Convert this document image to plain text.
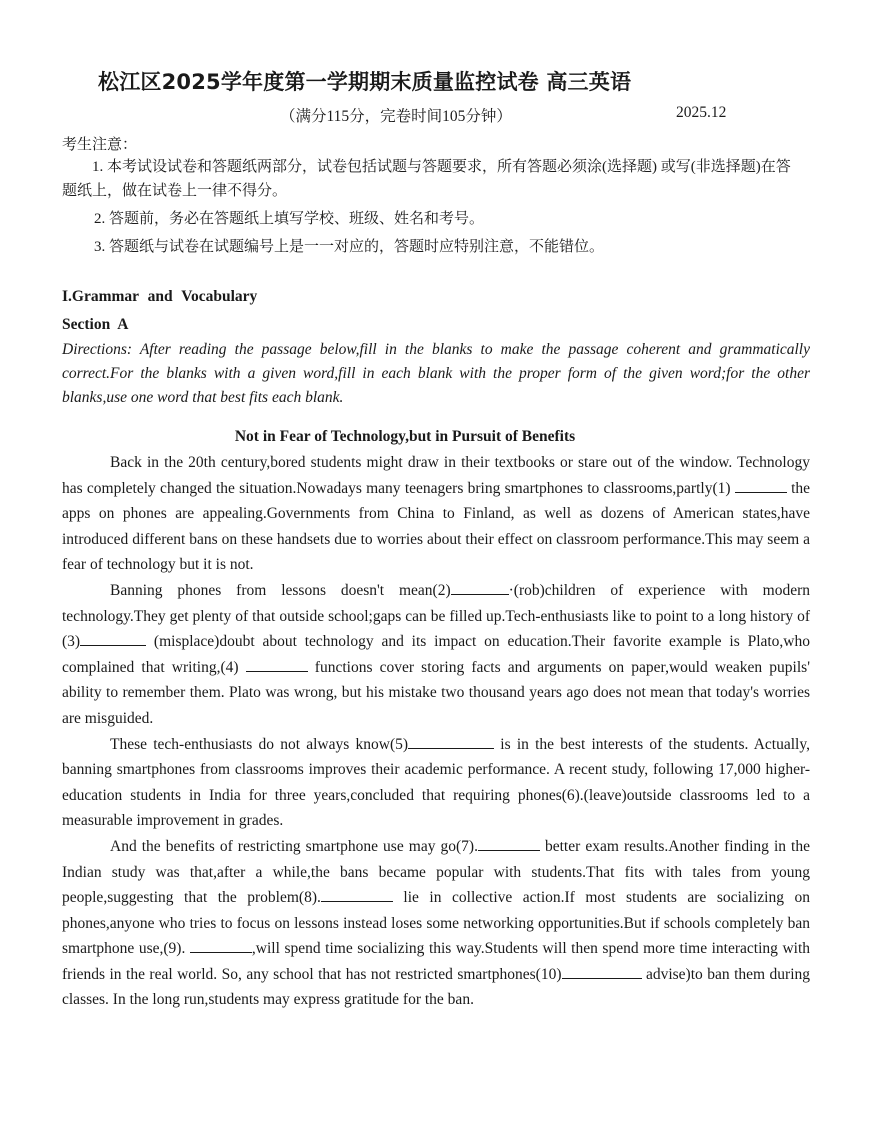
松江区2025学年度第一学期期末质量监控试卷 高三英语
（满分115分，完卷时间105分钟）	2025.12
考生注意：

1. 本考试设试卷和答题纸两部分，试卷包括试题与答题要求，所有答题必须涂(选择题) 或写(非选择题)在答题纸上，做在试卷上一律不得分。

2. 答题前，务必在答题纸上填写学校、班级、姓名和考号。

3. 答题纸与试卷在试题编号上是一一对应的，答题时应特别注意，不能错位。

I.Grammar and Vocabulary
Section A
Directions: After reading the passage below,fill in the blanks to make the passage coherent and grammatically correct.For the blanks with a given word,fill in each blank with the proper form of the given word;for the other blanks,use one word that best fits each blank.
Not in Fear of Technology,but in Pursuit of Benefits

Back in the 20th century,bored students might draw in their textbooks or stare out of the window. Technology has completely changed the situation.Nowadays many teenagers bring smartphones to classrooms,partly(1)	the apps on phones are appealing.Governments from China to Finland, as well as dozens of American states,have introduced different bans on these handsets due to worries about their effect on classroom performance.This may seem a fear of technology but it is not.

Banning phones from lessons doesn't mean(2)	·(rob)children of experience with modern technology.They get plenty of that outside school;gaps can be filled up.Tech-enthusiasts like to point to a long history of (3)	(misplace)doubt about technology and its impact on education.Their favorite example is Plato,who complained that writing,(4)	functions cover storing facts and arguments on paper,would weaken pupils' ability to remember them. Plato was wrong, but his mistake two thousand years ago does not mean that today's worries are misguided.

These tech-enthusiasts do not always know(5)	is in the best interests of the students. Actually, banning smartphones from classrooms improves their academic performance. A recent study, following 17,000 higher-education students in India for three years,concluded that requiring phones(6).(leave)outside classrooms led to a measurable improvement in grades.

And the benefits of restricting smartphone use may go(7).	better exam results.Another finding in the Indian study was that,after a while,the bans became popular with students.That fits with tales from young people,suggesting that the problem(8).	lie in collective action.If most students are socializing on phones,anyone who tries to focus on lessons instead loses some networking opportunities.But if schools completely ban smartphone use,(9).	,will spend time socializing this way.Students will then spend more time interacting with friends in the real world. So, any school that has not restricted smartphones(10)	advise)to ban them during classes. In the long run,students may express gratitude for the ban.
